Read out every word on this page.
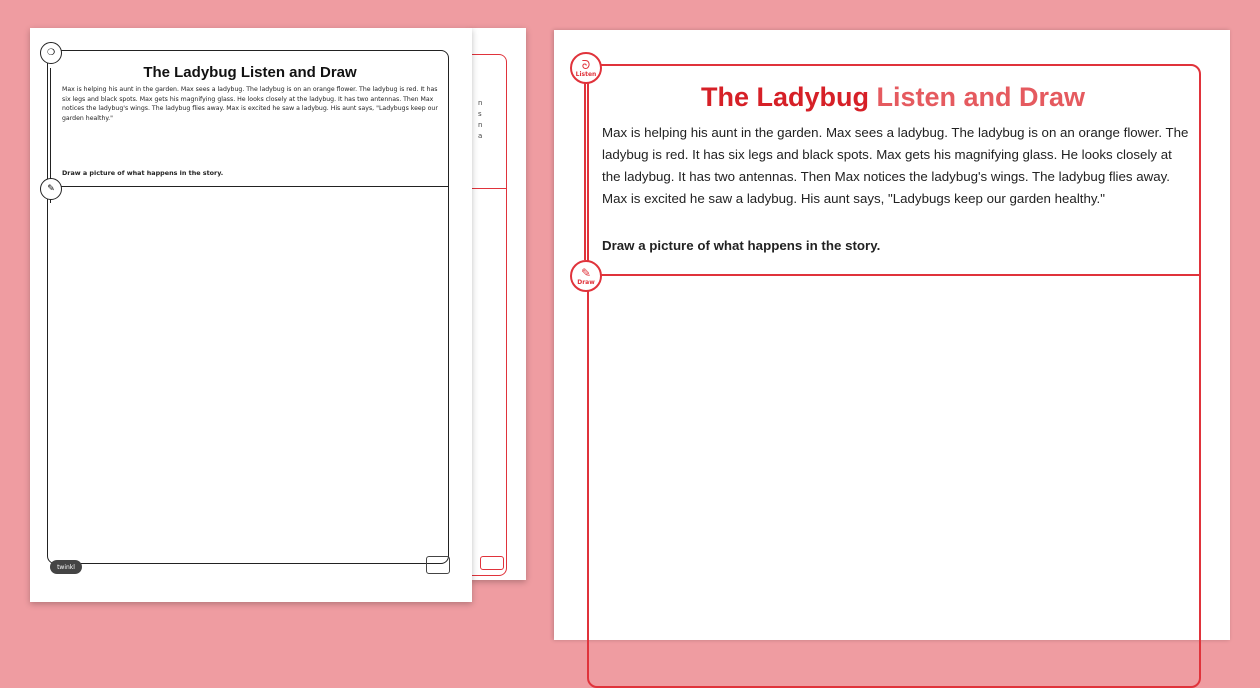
n
s
n
a
❍
✎
The Ladybug Listen and Draw
Max is helping his aunt in the garden. Max sees a ladybug. The ladybug is on an orange flower. The ladybug is red. It has six legs and black spots. Max gets his magnifying glass. He looks closely at the ladybug. It has two antennas. Then Max notices the ladybug's wings. The ladybug flies away. Max is excited he saw a ladybug. His aunt says, "Ladybugs keep our garden healthy."
Draw a picture of what happens in the story.
twinkl
ᘐ
Listen
✎
Draw
The Ladybug Listen and Draw
Max is helping his aunt in the garden. Max sees a ladybug. The ladybug is on an orange flower. The ladybug is red. It has six legs and black spots. Max gets his magnifying glass. He looks closely at the ladybug. It has two antennas. Then Max notices the ladybug's wings. The ladybug flies away. Max is excited he saw a ladybug. His aunt says, "Ladybugs keep our garden healthy."
Draw a picture of what happens in the story.
